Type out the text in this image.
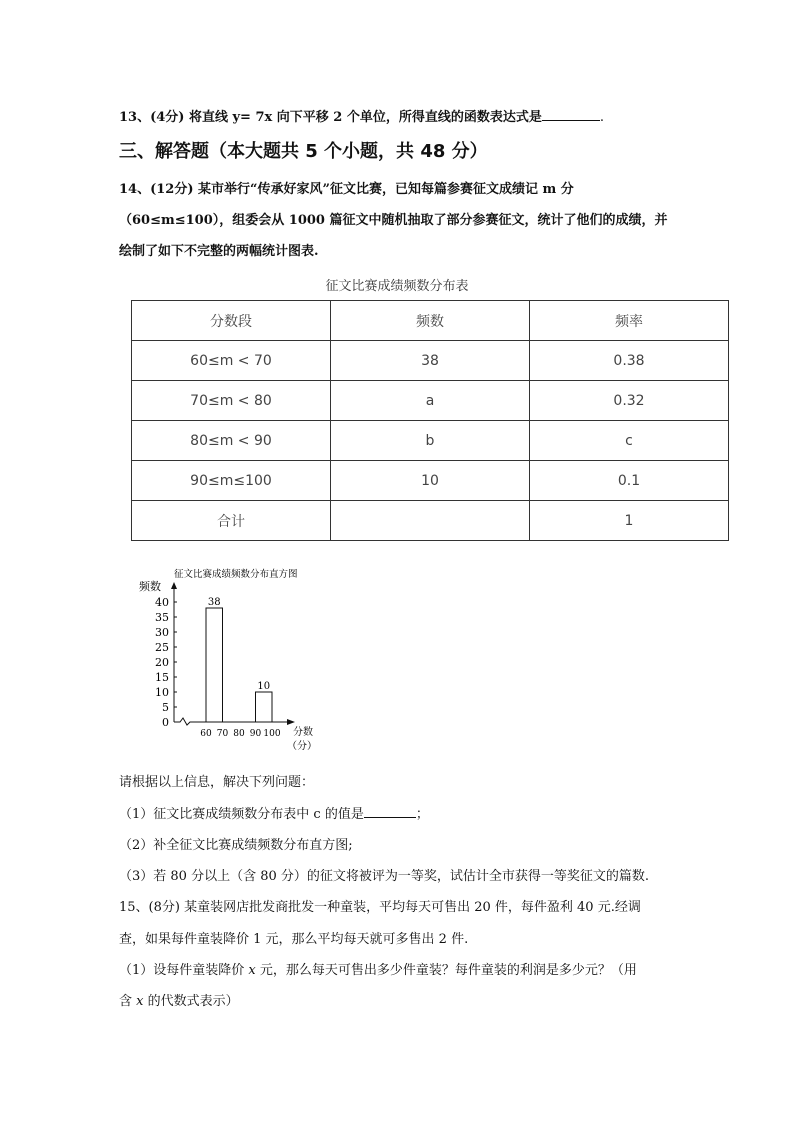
13、(4分) 将直线 y= 7x 向下平移 2 个单位，所得直线的函数表达式是	.
三、解答题（本大题共 5 个小题，共 48 分）
14、(12分) 某市举行“传承好家风”征文比赛，已知每篇参赛征文成绩记 m 分
（60≤m≤100），组委会从 1000 篇征文中随机抽取了部分参赛征文，统计了他们的成绩，并
绘制了如下不完整的两幅统计图表.
征文比赛成绩频数分布表
分数段	频数	频率
60≤m < 70	38	0.38
70≤m < 80	a	0.32
80≤m < 90	b	c
90≤m≤100	10	0.1
合计		1
征文比赛成绩频数分布直方图
频数
0
5
10
15
20
25
30
35
40
60 70 80 90 100
38
10
分数
（分）
请根据以上信息，解决下列问题：
（1）征文比赛成绩频数分布表中 c 的值是	；
（2）补全征文比赛成绩频数分布直方图;
（3）若 80 分以上（含 80 分）的征文将被评为一等奖，试估计全市获得一等奖征文的篇数.
15、(8分) 某童装网店批发商批发一种童装，平均每天可售出 20 件，每件盈利 40 元.经调
查，如果每件童装降价 1 元，那么平均每天就可多售出 2 件.
（1）设每件童装降价 x 元，那么每天可售出多少件童装？每件童装的利润是多少元？（用
含 x 的代数式表示）
